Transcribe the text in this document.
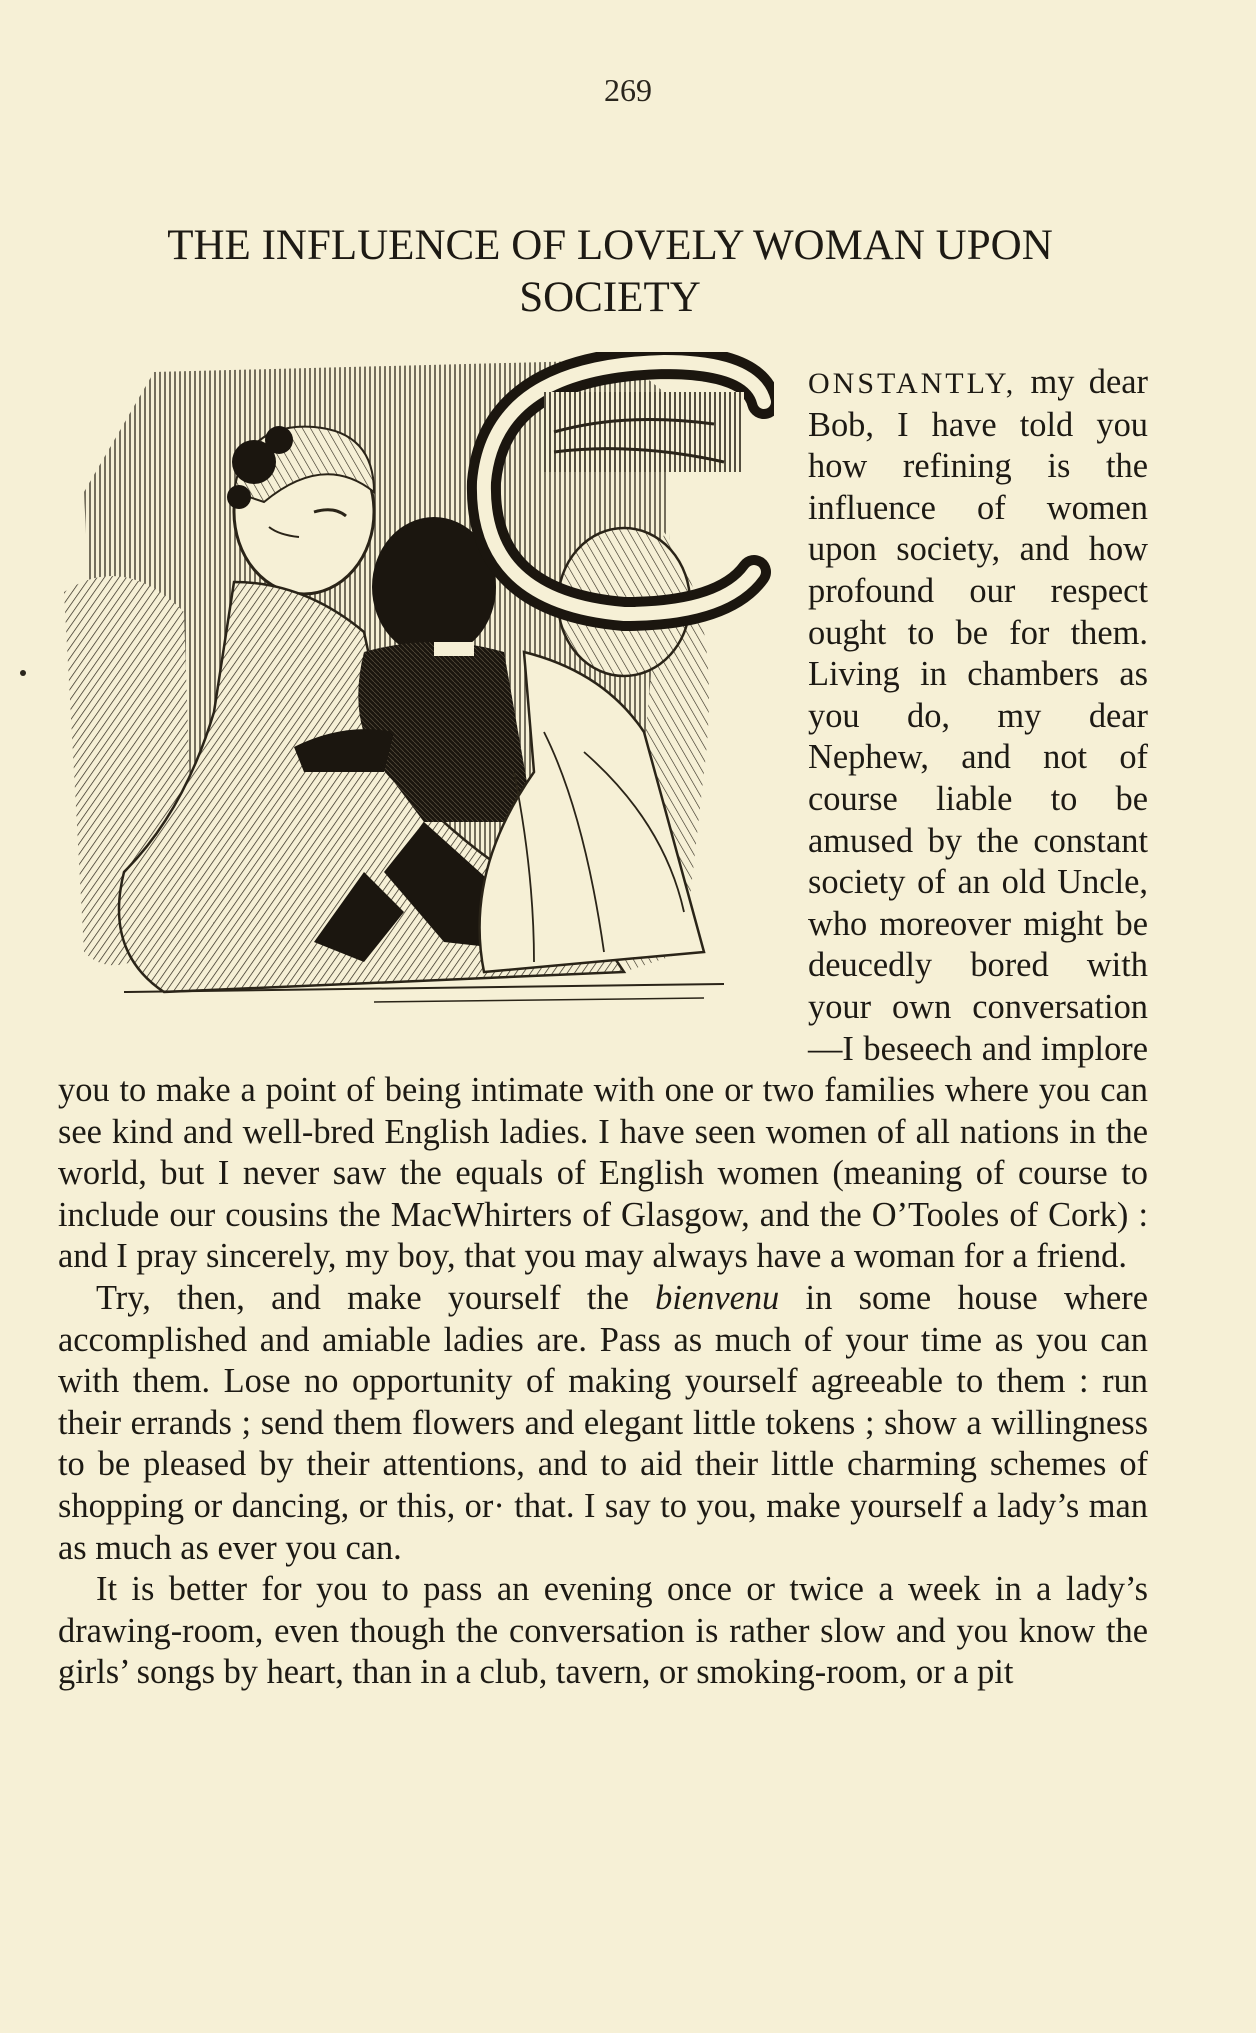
269
THE INFLUENCE OF LOVELY WOMAN UPON
SOCIETY

ONSTANTLY, my dear Bob, I have told you how refining is the influence of women upon society, and how profound our respect ought to be for them. Living in chambers as you do, my dear Nephew, and not of course liable to be amused by the constant society of an old Uncle, who moreover might be deucedly bored with your own conversation—I beseech and implore you to make a point of being intimate with one or two families where you can see kind and well-bred English ladies. I have seen women of all nations in the world, but I never saw the equals of English women (meaning of course to include our cousins the MacWhirters of Glasgow, and the O’Tooles of Cork) : and I pray sincerely, my boy, that you may always have a woman for a friend.

Try, then, and make yourself the bienvenu in some house where accomplished and amiable ladies are. Pass as much of your time as you can with them. Lose no opportunity of making yourself agreeable to them : run their errands ; send them flowers and elegant little tokens ; show a willingness to be pleased by their attentions, and to aid their little charming schemes of shopping or dancing, or this, or· that. I say to you, make yourself a lady’s man as much as ever you can.

It is better for you to pass an evening once or twice a week in a lady’s drawing-room, even though the conversation is rather slow and you know the girls’ songs by heart, than in a club, tavern, or smoking-room, or a pit
